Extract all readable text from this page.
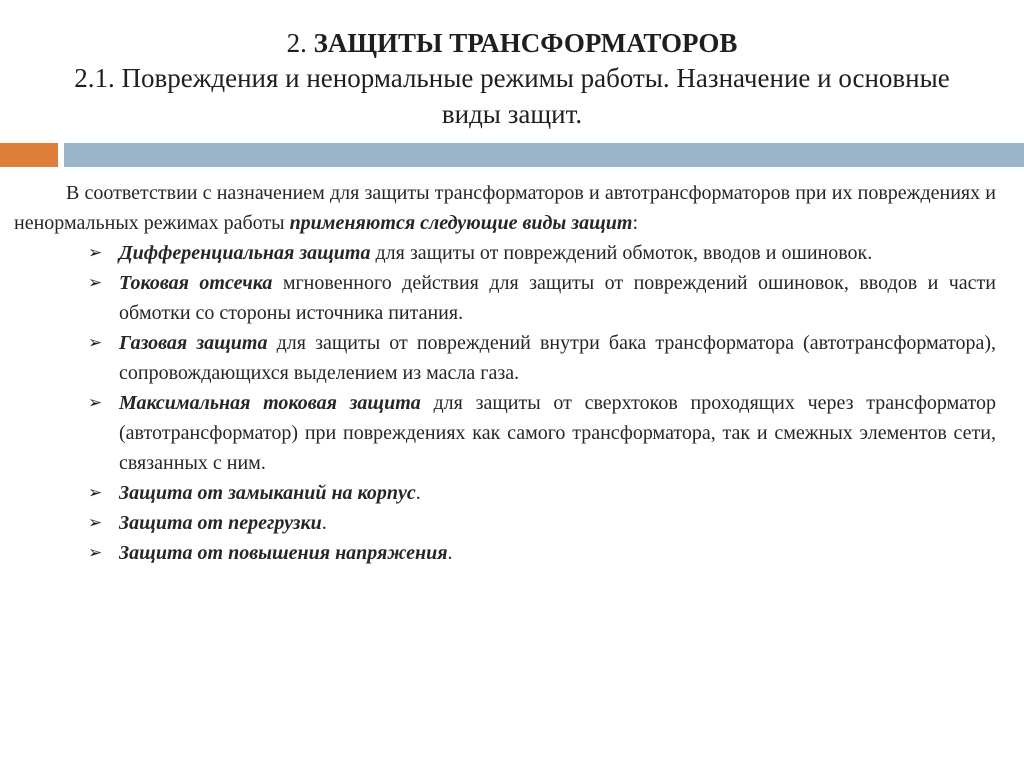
2. ЗАЩИТЫ ТРАНСФОРМАТОРОВ
2.1. Повреждения и ненормальные режимы работы. Назначение и основные виды защит.

В соответствии с назначением для защиты трансформаторов и автотрансформаторов при их повреждениях и ненормальных режимах работы применяются следующие виды защит:

➢ Дифференциальная защита для защиты от повреждений обмоток, вводов и ошиновок.
➢ Токовая отсечка мгновенного действия для защиты от повреждений ошиновок, вводов и части обмотки со стороны источника питания.
➢ Газовая защита для защиты от повреждений внутри бака трансформатора (автотрансформатора), сопровождающихся выделением из масла газа.
➢ Максимальная токовая защита для защиты от сверхтоков проходящих через трансформатор (автотрансформатор) при повреждениях как самого трансформатора, так и смежных элементов сети, связанных с ним.
➢ Защита от замыканий на корпус.
➢ Защита от перегрузки.
➢ Защита от повышения напряжения.
